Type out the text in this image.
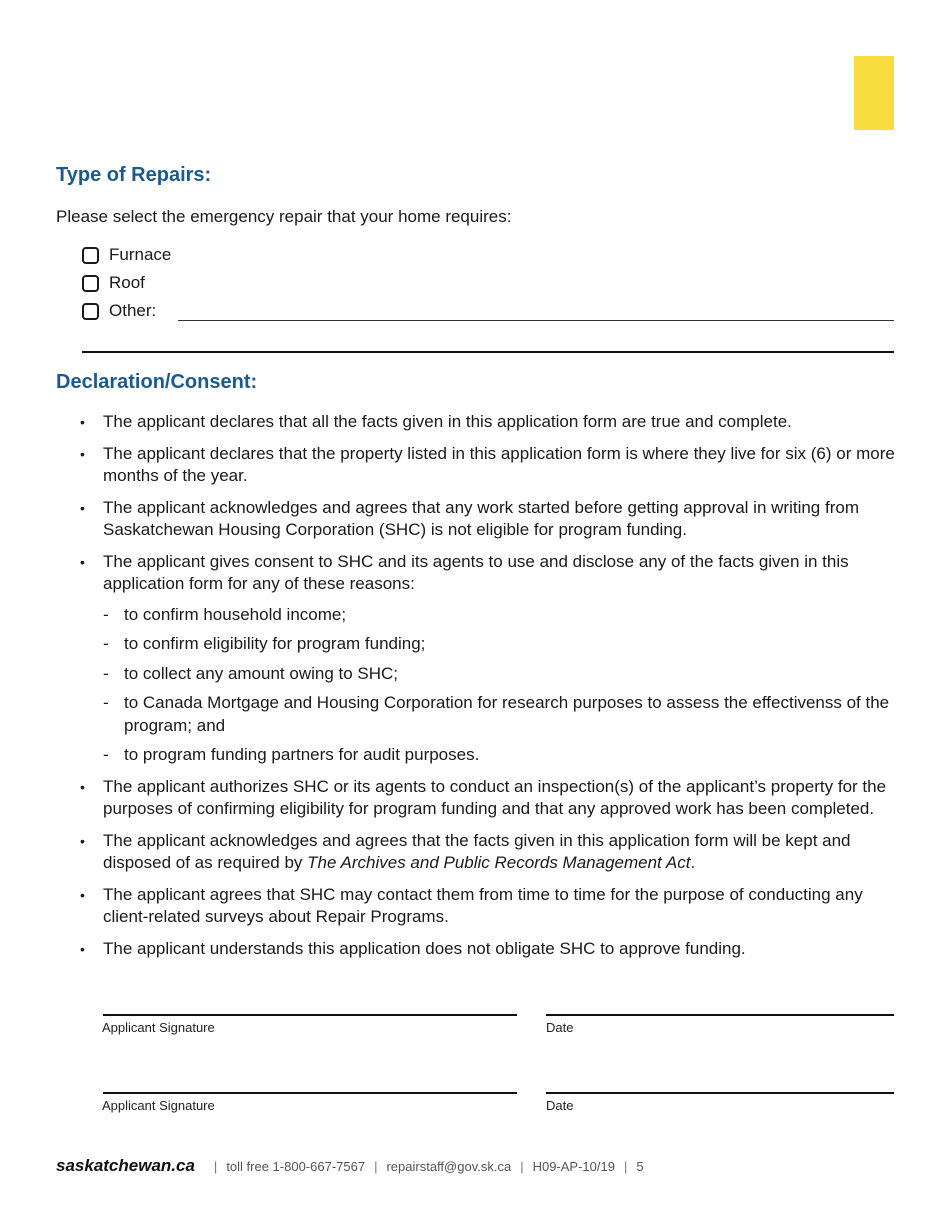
Type of Repairs:
Please select the emergency repair that your home requires:
Furnace
Roof
Other:
Declaration/Consent:
• The applicant declares that all the facts given in this application form are true and complete.
• The applicant declares that the property listed in this application form is where they live for six (6) or more months of the year.
• The applicant acknowledges and agrees that any work started before getting approval in writing from Saskatchewan Housing Corporation (SHC) is not eligible for program funding.
• The applicant gives consent to SHC and its agents to use and disclose any of the facts given in this application form for any of these reasons:
- to confirm household income;
- to confirm eligibility for program funding;
- to collect any amount owing to SHC;
- to Canada Mortgage and Housing Corporation for research purposes to assess the effectivenss of the program; and
- to program funding partners for audit purposes.
• The applicant authorizes SHC or its agents to conduct an inspection(s) of the applicant’s property for the purposes of confirming eligibility for program funding and that any approved work has been completed.
• The applicant acknowledges and agrees that the facts given in this application form will be kept and disposed of as required by The Archives and Public Records Management Act.
• The applicant agrees that SHC may contact them from time to time for the purpose of conducting any client-related surveys about Repair Programs.
• The applicant understands this application does not obligate SHC to approve funding.
Applicant Signature	Date
Applicant Signature	Date
saskatchewan.ca | toll free 1-800-667-7567 | repairstaff@gov.sk.ca | H09-AP-10/19 | 5
